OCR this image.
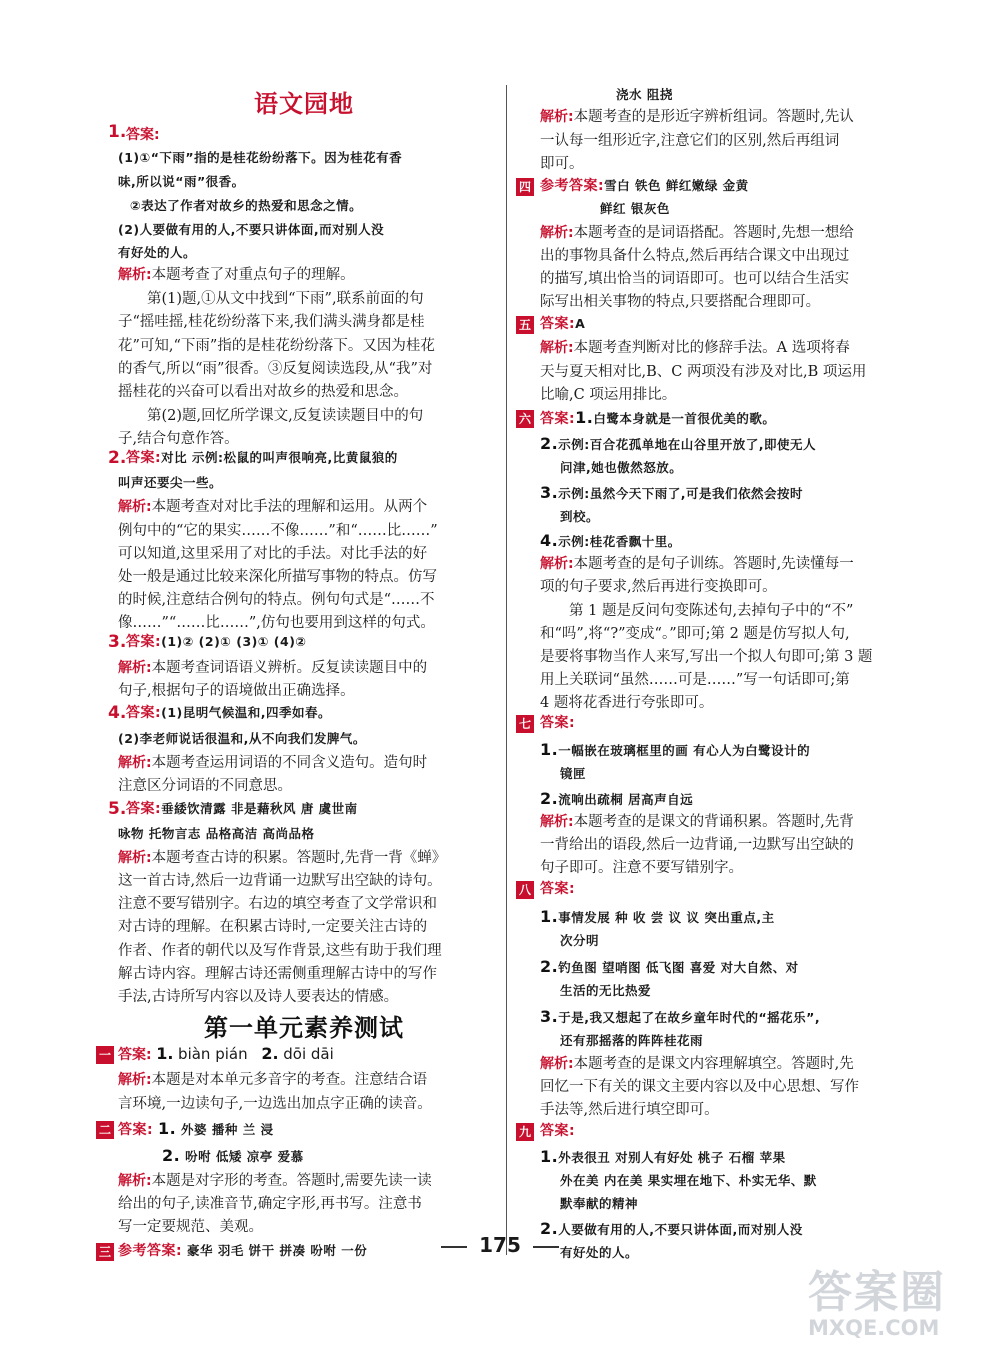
语文园地
1. 答案:
(1)①“下雨”指的是桂花纷纷落下。因为桂花有香
味,所以说“雨”很香。
②表达了作者对故乡的热爱和思念之情。
(2)人要做有用的人,不要只讲体面,而对别人没
有好处的人。
解析:本题考查了对重点句子的理解。
第(1)题,①从文中找到“下雨”,联系前面的句
子“摇哇摇,桂花纷纷落下来,我们满头满身都是桂
花”可知,“下雨”指的是桂花纷纷落下。又因为桂花
的香气,所以“雨”很香。③反复阅读选段,从“我”对
摇桂花的兴奋可以看出对故乡的热爱和思念。
第(2)题,回忆所学课文,反复读读题目中的句
子,结合句意作答。
2. 答案:对比 示例:松鼠的叫声很响亮,比黄鼠狼的
叫声还要尖一些。
解析:本题考查对对比手法的理解和运用。从两个
例句中的“它的果实……不像……”和“……比……”
可以知道,这里采用了对比的手法。对比手法的好
处一般是通过比较来深化所描写事物的特点。仿写
的时候,注意结合例句的特点。例句句式是“……不
像……”“……比……”,仿句也要用到这样的句式。
3. 答案:(1)② (2)① (3)① (4)②
解析:本题考查词语语义辨析。反复读读题目中的
句子,根据句子的语境做出正确选择。
4. 答案:(1)昆明气候温和,四季如春。
(2)李老师说话很温和,从不向我们发脾气。
解析:本题考查运用词语的不同含义造句。造句时
注意区分词语的不同意思。
5. 答案:垂緌饮清露 非是藉秋风 唐 虞世南
咏物 托物言志 品格高洁 高尚品格
解析:本题考查古诗的积累。答题时,先背一背《蝉》
这一首古诗,然后一边背诵一边默写出空缺的诗句。
注意不要写错别字。右边的填空考查了文学常识和
对古诗的理解。在积累古诗时,一定要关注古诗的
作者、作者的朝代以及写作背景,这些有助于我们理
解古诗内容。理解古诗还需侧重理解古诗中的写作
手法,古诗所写内容以及诗人要表达的情感。
第一单元素养测试
一 答案: 1. biàn pián 2. dōi dāi
解析:本题是对本单元多音字的考查。注意结合语
言环境,一边读句子,一边选出加点字正确的读音。
二 答案: 1. 外婆 播种 兰 浸
2. 吩咐 低矮 凉亭 爱慕
解析:本题是对字形的考查。答题时,需要先读一读
给出的句子,读准音节,确定字形,再书写。注意书
写一定要规范、美观。
三 参考答案: 豪华 羽毛 饼干 拼凑 吩咐 一份
浇水 阻挠
解析:本题考查的是形近字辨析组词。答题时,先认
一认每一组形近字,注意它们的区别,然后再组词
即可。
四 参考答案:雪白 铁色 鲜红嫩绿 金黄
鲜红 银灰色
解析:本题考查的是词语搭配。答题时,先想一想给
出的事物具备什么特点,然后再结合课文中出现过
的描写,填出恰当的词语即可。也可以结合生活实
际写出相关事物的特点,只要搭配合理即可。
五 答案:A
解析:本题考查判断对比的修辞手法。A 选项将春
天与夏天相对比,B、C 两项没有涉及对比,B 项运用
比喻,C 项运用排比。
六 答案:1.白鹭本身就是一首很优美的歌。
2.示例:百合花孤单地在山谷里开放了,即使无人
问津,她也傲然怒放。
3.示例:虽然今天下雨了,可是我们依然会按时
到校。
4.示例:桂花香飘十里。
解析:本题考查的是句子训练。答题时,先读懂每一
项的句子要求,然后再进行变换即可。
第 1 题是反问句变陈述句,去掉句子中的“不”
和“吗”,将“?”变成“。”即可;第 2 题是仿写拟人句,
是要将事物当作人来写,写出一个拟人句即可;第 3 题
用上关联词“虽然……可是……”写一句话即可;第
4 题将花香进行夸张即可。
七 答案:
1.一幅嵌在玻璃框里的画 有心人为白鹭设计的
镜匣
2.流响出疏桐 居高声自远
解析:本题考查的是课文的背诵积累。答题时,先背
一背给出的语段,然后一边背诵,一边默写出空缺的
句子即可。注意不要写错别字。
八 答案:
1.事情发展 种 收 尝 议 议 突出重点,主
次分明
2.钓鱼图 望哨图 低飞图 喜爱 对大自然、对
生活的无比热爱
3.于是,我又想起了在故乡童年时代的“摇花乐”,
还有那摇落的阵阵桂花雨
解析:本题考查的是课文内容理解填空。答题时,先
回忆一下有关的课文主要内容以及中心思想、写作
手法等,然后进行填空即可。
九 答案:
1.外表很丑 对别人有好处 桃子 石榴 苹果
外在美 内在美 果实埋在地下、朴实无华、默
默奉献的精神
2.人要做有用的人,不要只讲体面,而对别人没
有好处的人。
175
答案圈
MXQE.COM
